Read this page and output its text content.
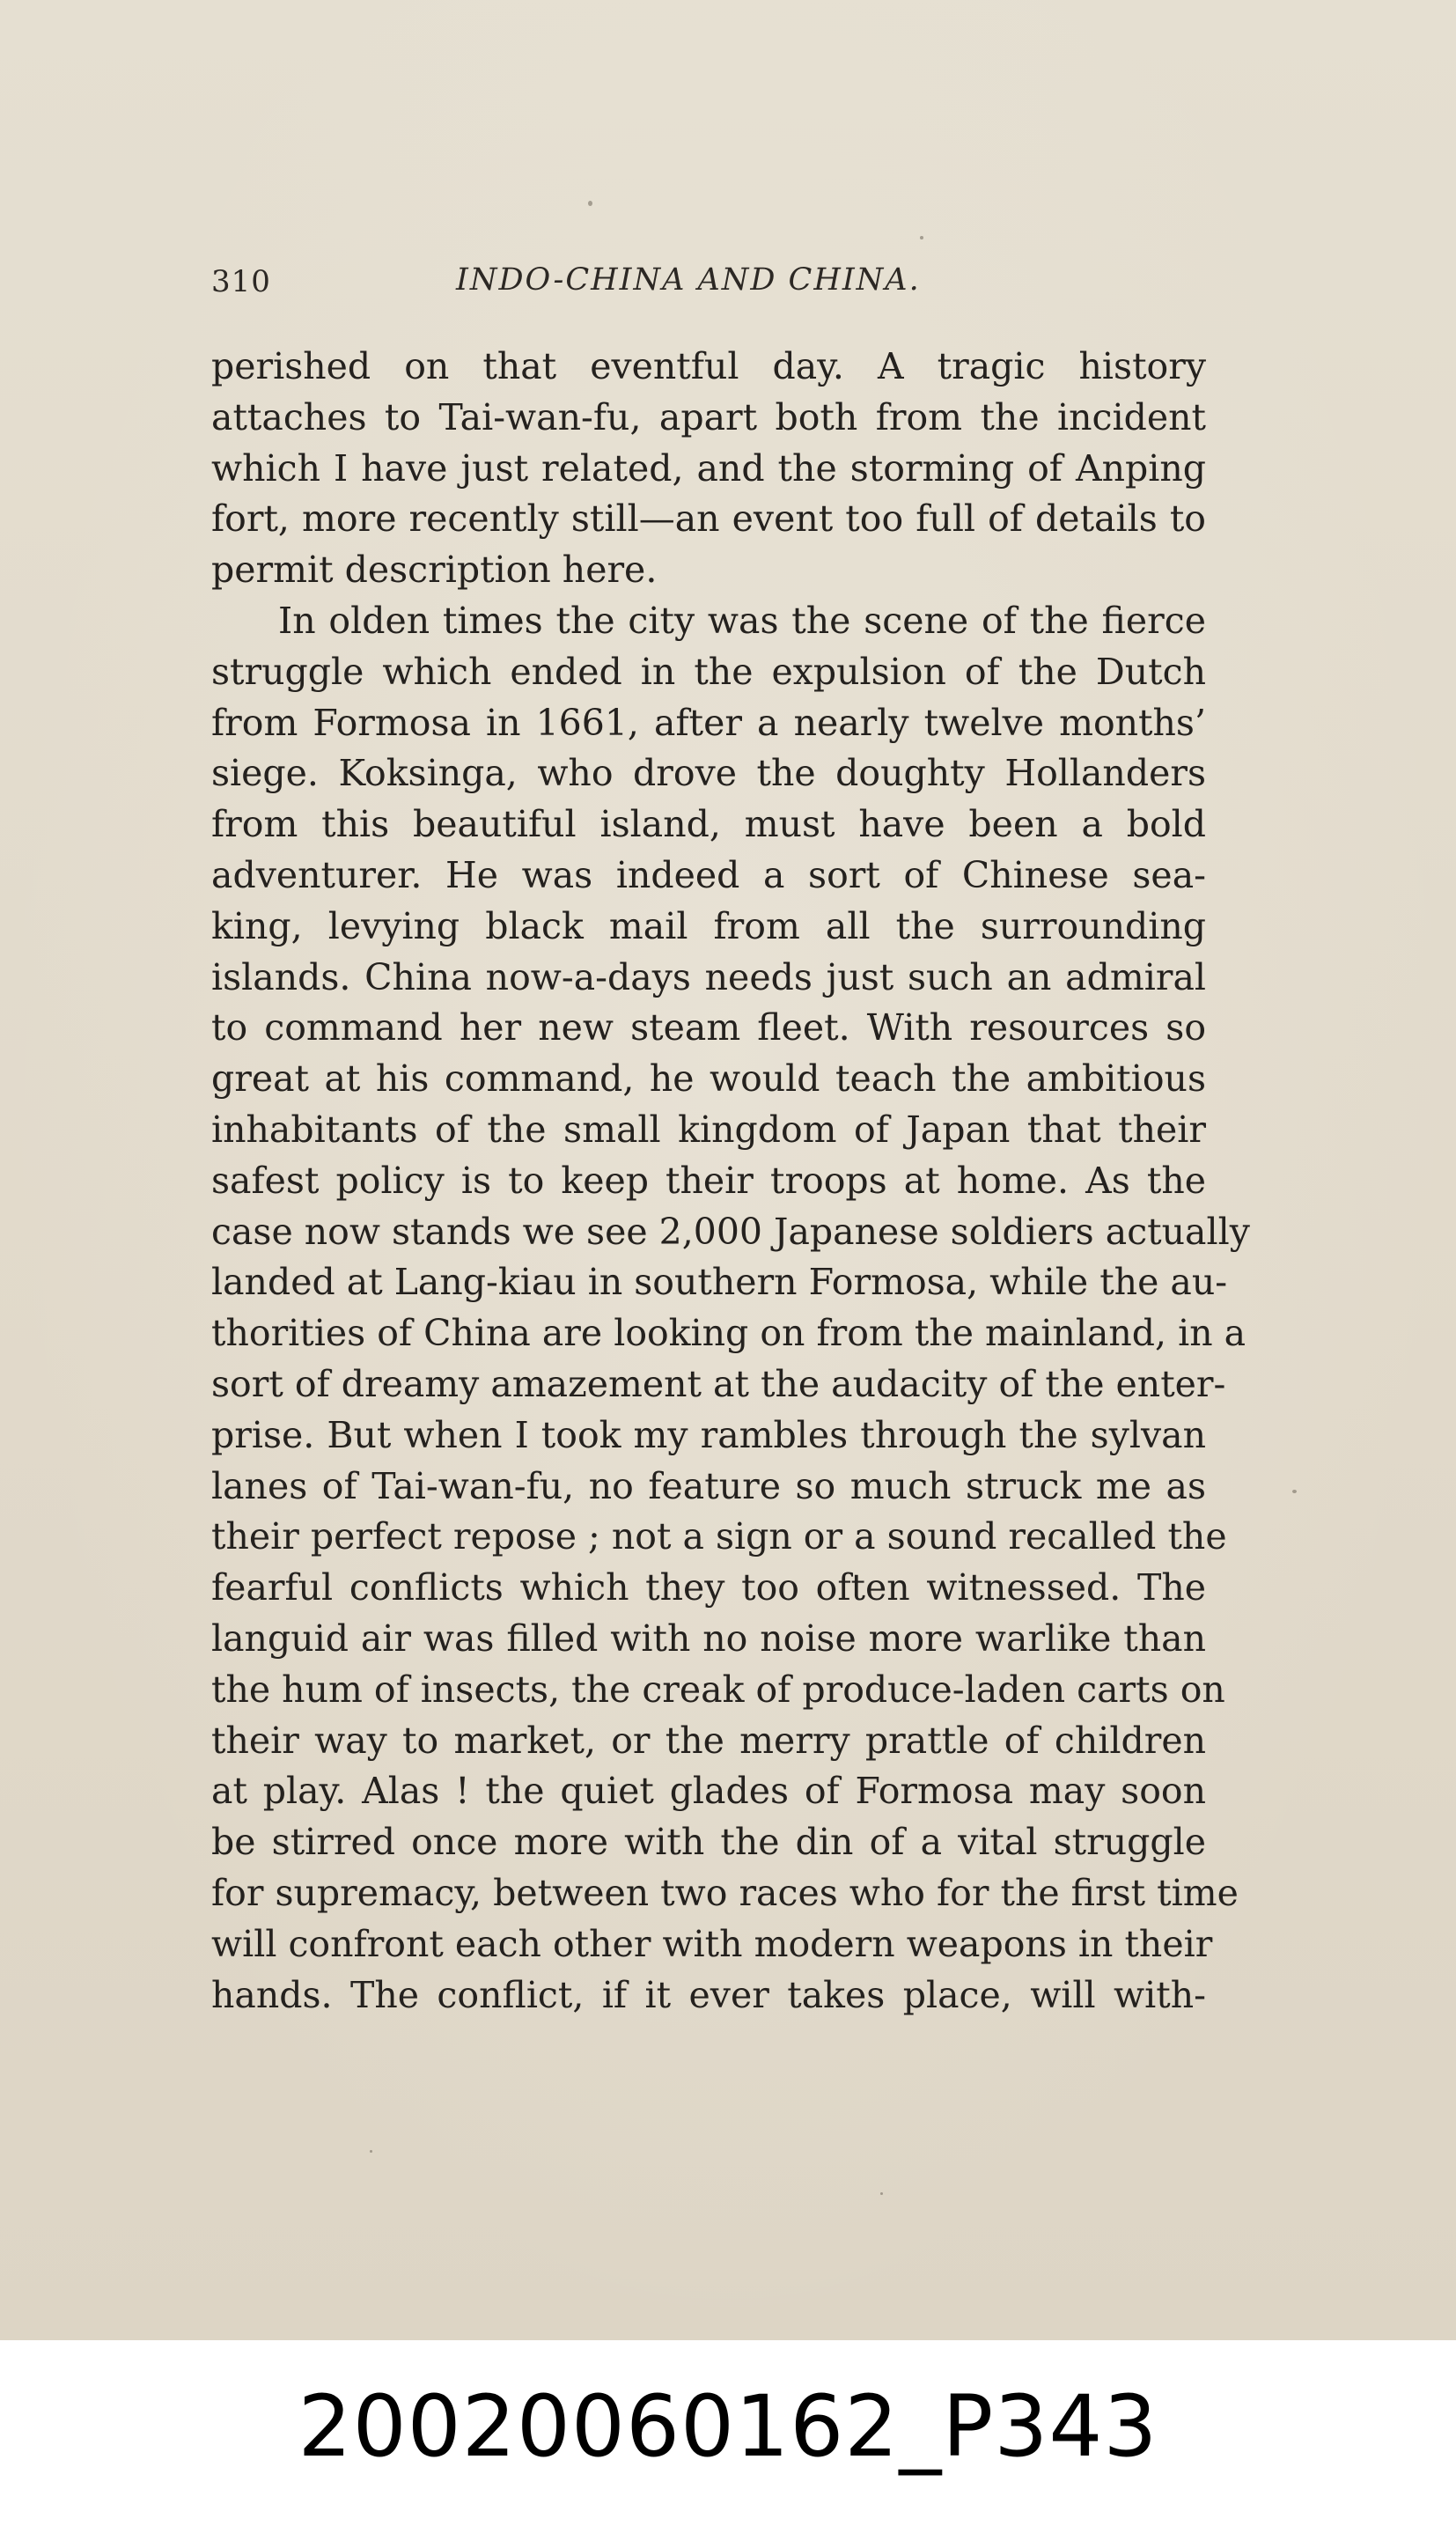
310	INDO-CHINA AND CHINA.
perished on that eventful day. A tragic history
attaches to Tai-wan-fu, apart both from the incident
which I have just related, and the storming of Anping
fort, more recently still—an event too full of details to
permit description here.
In olden times the city was the scene of the fierce
struggle which ended in the expulsion of the Dutch
from Formosa in 1661, after a nearly twelve months’
siege. Koksinga, who drove the doughty Hollanders
from this beautiful island, must have been a bold
adventurer. He was indeed a sort of Chinese sea-
king, levying black mail from all the surrounding
islands. China now-a-days needs just such an admiral
to command her new steam fleet. With resources so
great at his command, he would teach the ambitious
inhabitants of the small kingdom of Japan that their
safest policy is to keep their troops at home. As the
case now stands we see 2,000 Japanese soldiers actually
landed at Lang-kiau in southern Formosa, while the au-
thorities of China are looking on from the mainland, in a
sort of dreamy amazement at the audacity of the enter-
prise. But when I took my rambles through the sylvan
lanes of Tai-wan-fu, no feature so much struck me as
their perfect repose ; not a sign or a sound recalled the
fearful conflicts which they too often witnessed. The
languid air was filled with no noise more warlike than
the hum of insects, the creak of produce-laden carts on
their way to market, or the merry prattle of children
at play. Alas ! the quiet glades of Formosa may soon
be stirred once more with the din of a vital struggle
for supremacy, between two races who for the first time
will confront each other with modern weapons in their
hands. The conflict, if it ever takes place, will with-
20020060162_P343
